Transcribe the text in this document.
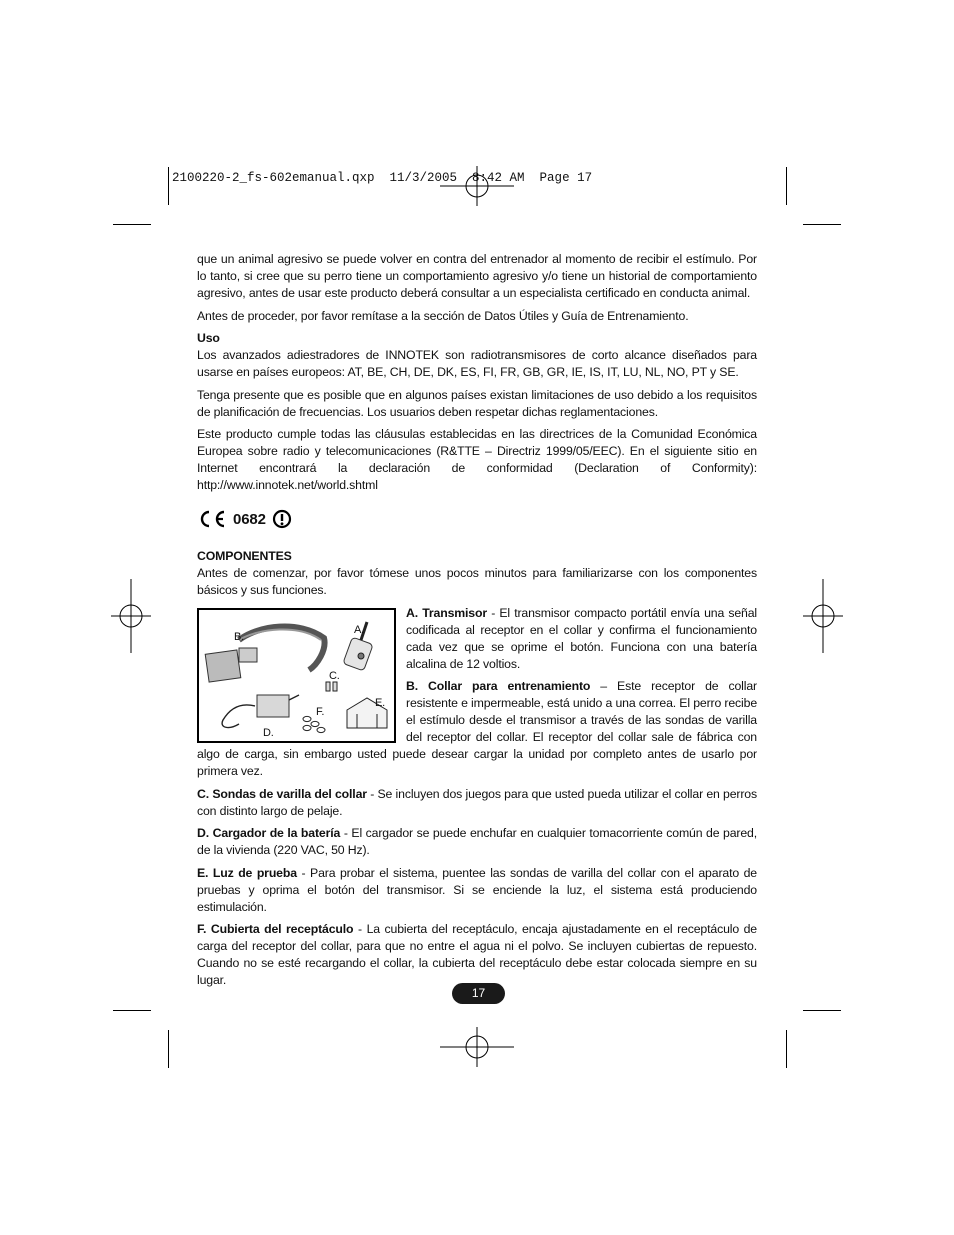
2100220-2_fs-602emanual.qxp  11/3/2005  8:42 AM  Page 17

que un animal agresivo se puede volver en contra del entrenador al momento de recibir el estímulo. Por lo tanto, si cree que su perro tiene un comportamiento agresivo y/o tiene un historial de comportamiento agresivo, antes de usar este producto deberá consultar a un especialista certificado en conducta animal.

Antes de proceder, por favor remítase a la sección de Datos Útiles y Guía de Entrenamiento.

Uso

Los avanzados adiestradores de INNOTEK son radiotransmisores de corto alcance diseñados para usarse en países europeos: AT, BE, CH, DE, DK, ES, FI, FR, GB, GR, IE, IS, IT, LU, NL, NO, PT y SE.

Tenga presente que es posible que en algunos países existan limitaciones de uso debido a los requisitos de planificación de frecuencias. Los usuarios deben respetar dichas reglamentaciones.

Este producto cumple todas las cláusulas establecidas en las directrices de la Comunidad Económica Europea sobre radio y telecomunicaciones (R&TTE – Directriz 1999/05/EEC). En el siguiente sitio en Internet encontrará la declaración de conformidad (Declaration of Conformity): http://www.innotek.net/world.shtml

0682

COMPONENTES

Antes de comenzar, por favor tómese unos pocos minutos para familiarizarse con los componentes básicos y sus funciones.

A.
B.
C.
D.
E.
F.

A. Transmisor - El transmisor compacto portátil envía una señal codificada al receptor en el collar y confirma el funcionamiento cada vez que se oprime el botón. Funciona con una batería alcalina de 12 voltios.

B. Collar para entrenamiento – Este receptor de collar resistente e impermeable, está unido a una correa. El perro recibe el estímulo desde el transmisor a través de las sondas de varilla del receptor del collar. El receptor del collar sale de fábrica con algo de carga, sin embargo usted puede desear cargar la unidad por completo antes de usarlo por primera vez.

C. Sondas de varilla del collar - Se incluyen dos juegos para que usted pueda utilizar el collar en perros con distinto largo de pelaje.

D. Cargador de la batería - El cargador se puede enchufar en cualquier tomacorriente común de pared, de la vivienda (220 VAC, 50 Hz).

E. Luz de prueba - Para probar el sistema, puentee las sondas de varilla del collar con el aparato de pruebas y oprima el botón del transmisor. Si se enciende la luz, el sistema está produciendo estimulación.

F. Cubierta del receptáculo - La cubierta del receptáculo, encaja ajustadamente en el receptáculo de carga del receptor del collar, para que no entre el agua ni el polvo. Se incluyen cubiertas de repuesto. Cuando no se esté recargando el collar, la cubierta del receptáculo debe estar colocada siempre en su lugar.

17
